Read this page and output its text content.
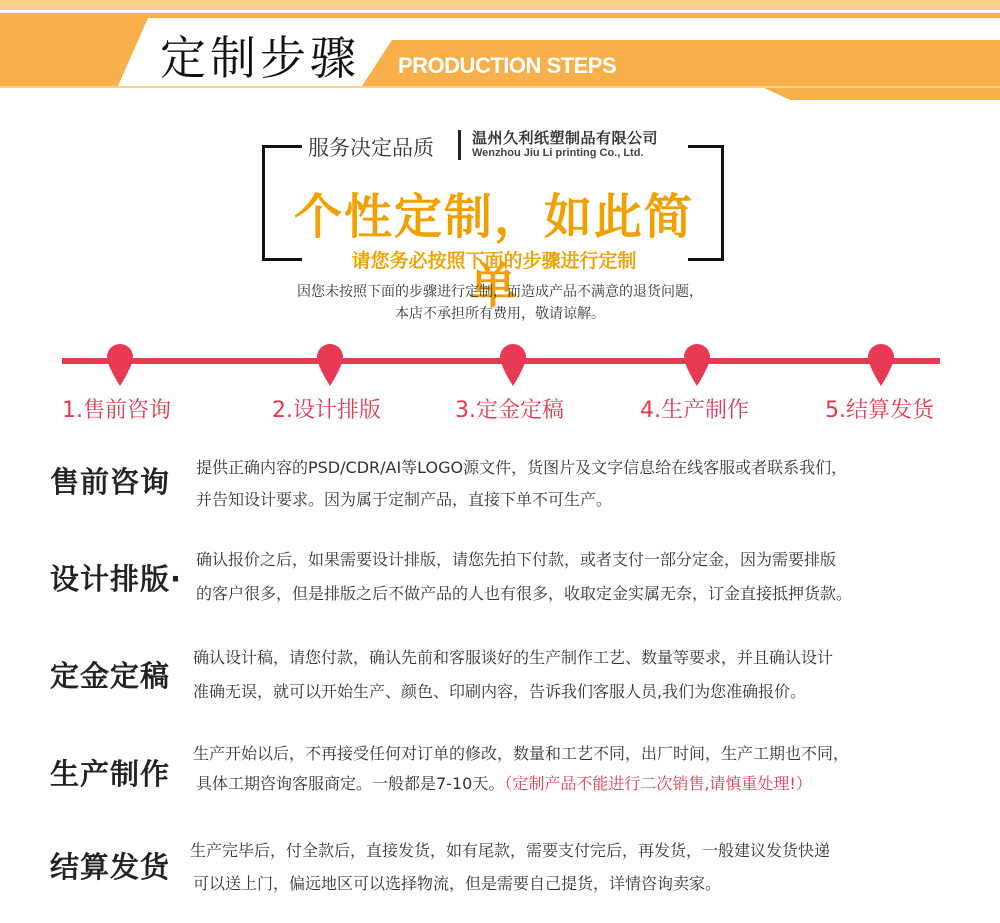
定制步骤 PRODUCTION STEPS
服务决定品质	温州久利纸塑制品有限公司
Wenzhou Jiu Li printing Co., Ltd.
个性定制，如此简单
请您务必按照下面的步骤进行定制
因您未按照下面的步骤进行定制，而造成产品不满意的退货问题，
本店不承担所有费用，敬请谅解。
1.售前咨询	2.设计排版	3.定金定稿	4.生产制作	5.结算发货
售前咨询 提供正确内容的PSD/CDR/AI等LOGO源文件，货图片及文字信息给在线客服或者联系我们，
并告知设计要求。因为属于定制产品，直接下单不可生产。
设计排版·
确认报价之后，如果需要设计排版，请您先拍下付款，或者支付一部分定金，因为需要排版
的客户很多，但是排版之后不做产品的人也有很多，收取定金实属无奈，订金直接抵押货款。
定金定稿
确认设计稿，请您付款，确认先前和客服谈好的生产制作工艺、数量等要求，并且确认设计
准确无误，就可以开始生产、颜色、印刷内容，告诉我们客服人员,我们为您准确报价。
生产制作
生产开始以后，不再接受任何对订单的修改，数量和工艺不同，出厂时间，生产工期也不同，
具体工期咨询客服商定。一般都是7-10天。（定制产品不能进行二次销售,请慎重处理!）
结算发货 生产完毕后，付全款后，直接发货，如有尾款，需要支付完后，再发货，一般建议发货快递
可以送上门，偏远地区可以选择物流，但是需要自己提货，详情咨询卖家。
